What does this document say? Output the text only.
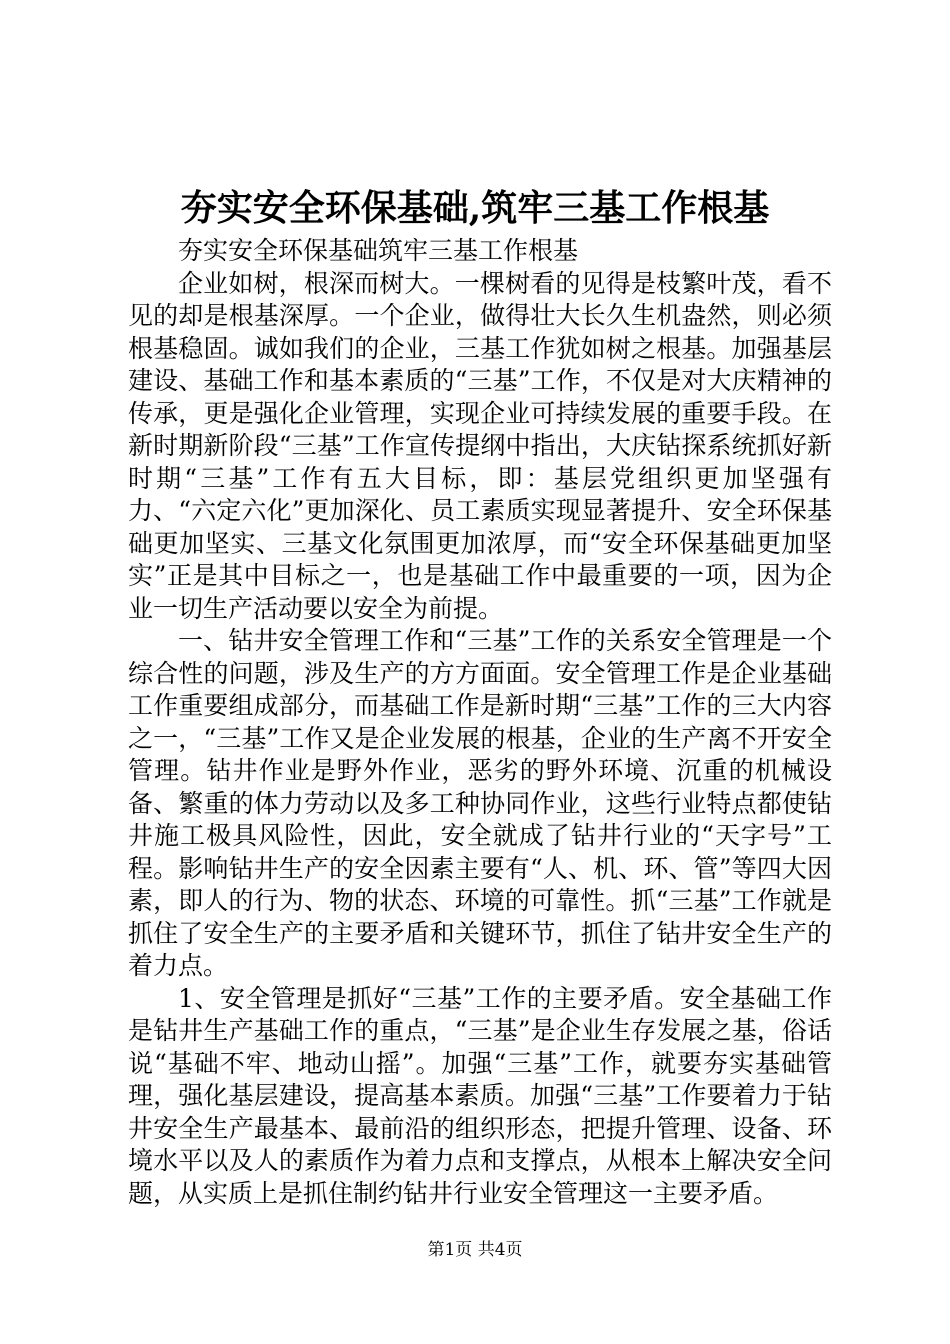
夯实安全环保基础,筑牢三基工作根基

夯实安全环保基础筑牢三基工作根基

企业如树，根深而树大。一棵树看的见得是枝繁叶茂，看不见的却是根基深厚。一个企业，做得壮大长久生机盎然，则必须根基稳固。诚如我们的企业，三基工作犹如树之根基。加强基层建设、基础工作和基本素质的“三基”工作，不仅是对大庆精神的传承，更是强化企业管理，实现企业可持续发展的重要手段。在新时期新阶段“三基”工作宣传提纲中指出，大庆钻探系统抓好新时期“三基”工作有五大目标，即：基层党组织更加坚强有力、“六定六化”更加深化、员工素质实现显著提升、安全环保基础更加坚实、三基文化氛围更加浓厚，而“安全环保基础更加坚实”正是其中目标之一，也是基础工作中最重要的一项，因为企业一切生产活动要以安全为前提。

一、钻井安全管理工作和“三基”工作的关系安全管理是一个综合性的问题，涉及生产的方方面面。安全管理工作是企业基础工作重要组成部分，而基础工作是新时期“三基”工作的三大内容之一，“三基”工作又是企业发展的根基，企业的生产离不开安全管理。钻井作业是野外作业，恶劣的野外环境、沉重的机械设备、繁重的体力劳动以及多工种协同作业，这些行业特点都使钻井施工极具风险性，因此，安全就成了钻井行业的“天字号”工程。影响钻井生产的安全因素主要有“人、机、环、管”等四大因素，即人的行为、物的状态、环境的可靠性。抓“三基”工作就是抓住了安全生产的主要矛盾和关键环节，抓住了钻井安全生产的着力点。

1、安全管理是抓好“三基”工作的主要矛盾。安全基础工作是钻井生产基础工作的重点，“三基”是企业生存发展之基，俗话说“基础不牢、地动山摇”。加强“三基”工作，就要夯实基础管理，强化基层建设，提高基本素质。加强“三基”工作要着力于钻井安全生产最基本、最前沿的组织形态，把提升管理、设备、环境水平以及人的素质作为着力点和支撑点，从根本上解决安全问题，从实质上是抓住制约钻井行业安全管理这一主要矛盾。

第1页 共4页
